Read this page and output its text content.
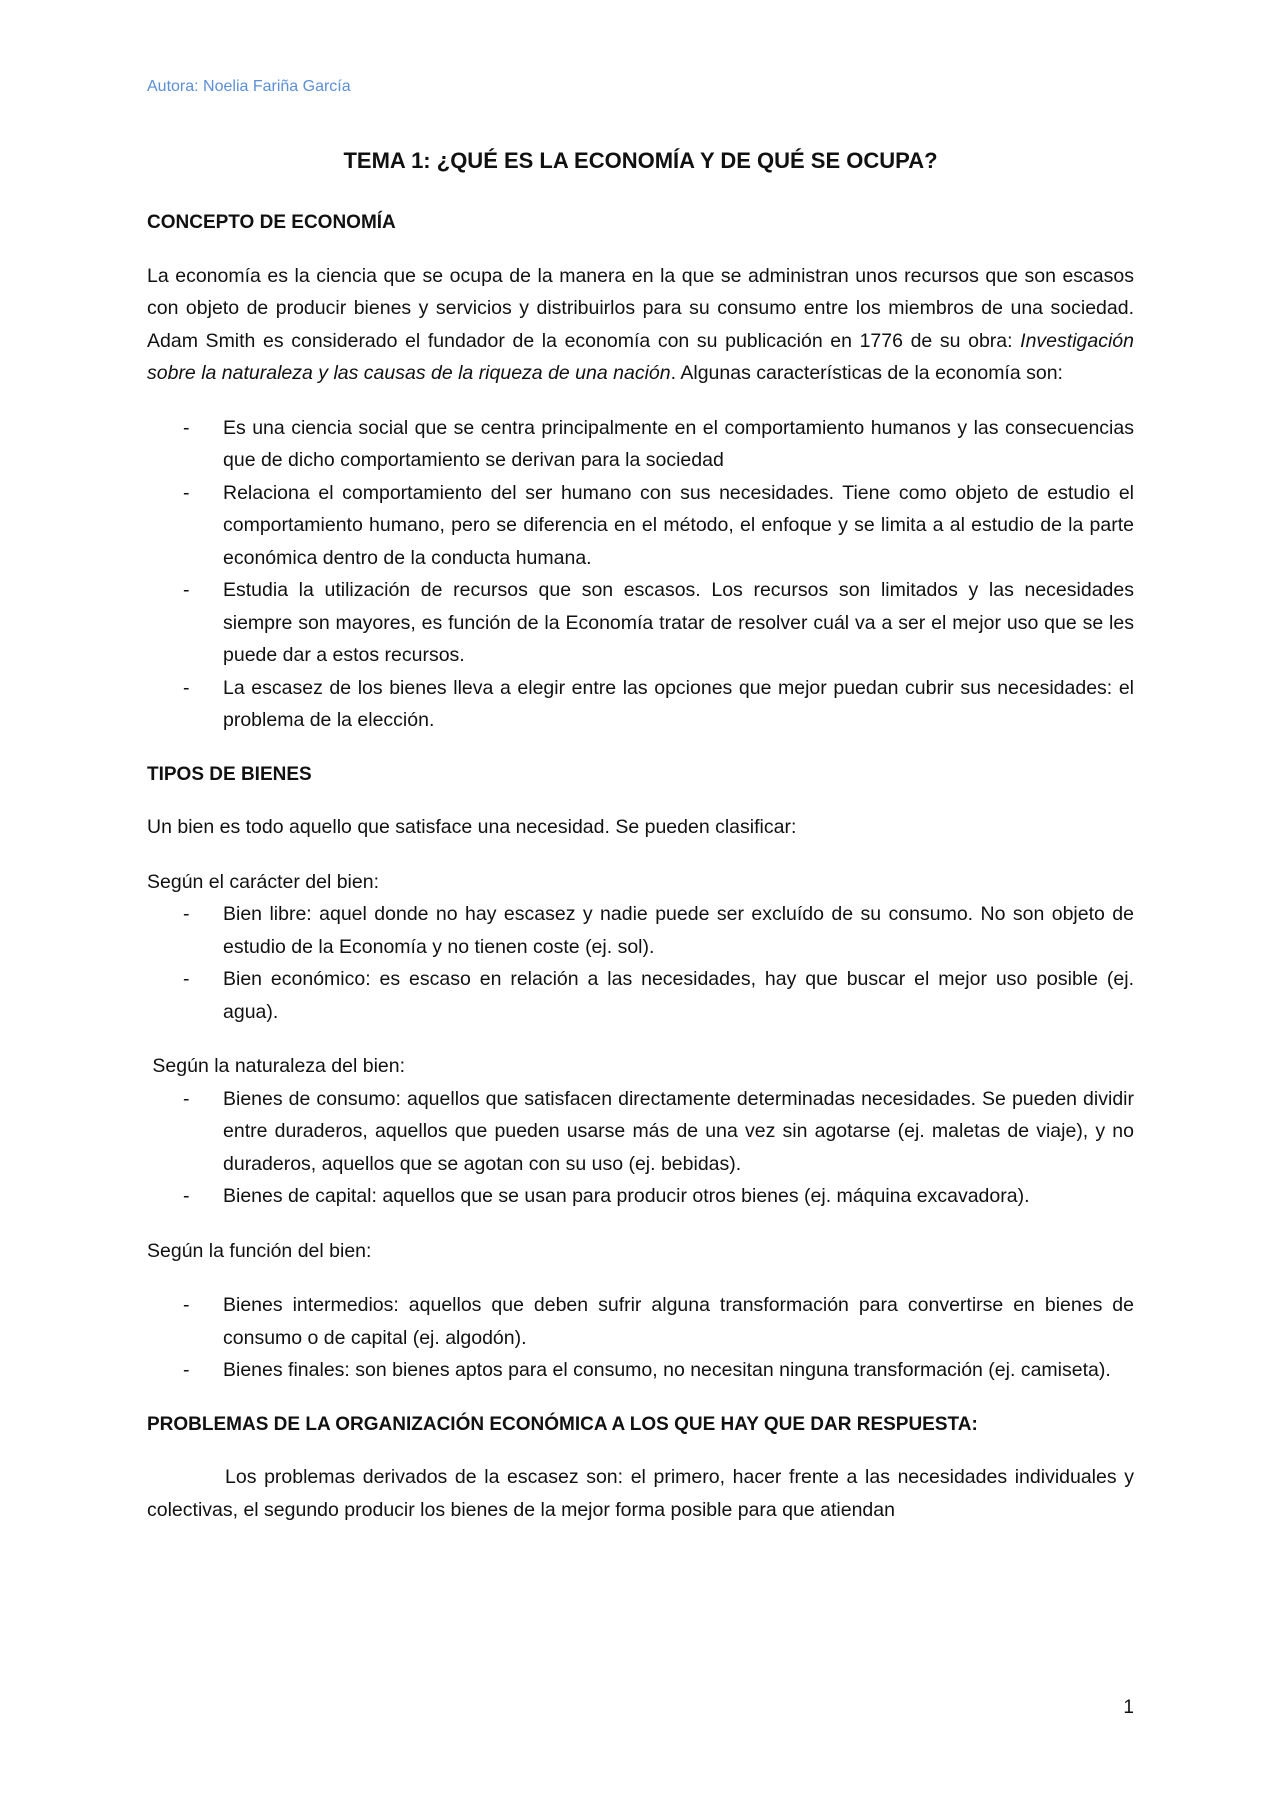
Autora: Noelia Fariña García
TEMA 1: ¿QUÉ ES LA ECONOMÍA Y DE QUÉ SE OCUPA?
CONCEPTO DE ECONOMÍA

La economía es la ciencia que se ocupa de la manera en la que se administran unos recursos que son escasos con objeto de producir bienes y servicios y distribuirlos para su consumo entre los miembros de una sociedad. Adam Smith es considerado el fundador de la economía con su publicación en 1776 de su obra: Investigación sobre la naturaleza y las causas de la riqueza de una nación. Algunas características de la economía son:

- Es una ciencia social que se centra principalmente en el comportamiento humanos y las consecuencias que de dicho comportamiento se derivan para la sociedad
- Relaciona el comportamiento del ser humano con sus necesidades. Tiene como objeto de estudio el comportamiento humano, pero se diferencia en el método, el enfoque y se limita a al estudio de la parte económica dentro de la conducta humana.
- Estudia la utilización de recursos que son escasos. Los recursos son limitados y las necesidades siempre son mayores, es función de la Economía tratar de resolver cuál va a ser el mejor uso que se les puede dar a estos recursos.
- La escasez de los bienes lleva a elegir entre las opciones que mejor puedan cubrir sus necesidades: el problema de la elección.
TIPOS DE BIENES

Un bien es todo aquello que satisface una necesidad. Se pueden clasificar:

Según el carácter del bien:

- Bien libre: aquel donde no hay escasez y nadie puede ser excluído de su consumo. No son objeto de estudio de la Economía y no tienen coste (ej. sol).
- Bien económico: es escaso en relación a las necesidades, hay que buscar el mejor uso posible (ej. agua).

Según la naturaleza del bien:

- Bienes de consumo: aquellos que satisfacen directamente determinadas necesidades. Se pueden dividir entre duraderos, aquellos que pueden usarse más de una vez sin agotarse (ej. maletas de viaje), y no duraderos, aquellos que se agotan con su uso (ej. bebidas).
- Bienes de capital: aquellos que se usan para producir otros bienes (ej. máquina excavadora).

Según la función del bien:

- Bienes intermedios: aquellos que deben sufrir alguna transformación para convertirse en bienes de consumo o de capital (ej. algodón).
- Bienes finales: son bienes aptos para el consumo, no necesitan ninguna transformación (ej. camiseta).
PROBLEMAS DE LA ORGANIZACIÓN ECONÓMICA A LOS QUE HAY QUE DAR RESPUESTA:

Los problemas derivados de la escasez son: el primero, hacer frente a las necesidades individuales y colectivas, el segundo producir los bienes de la mejor forma posible para que atiendan

1
